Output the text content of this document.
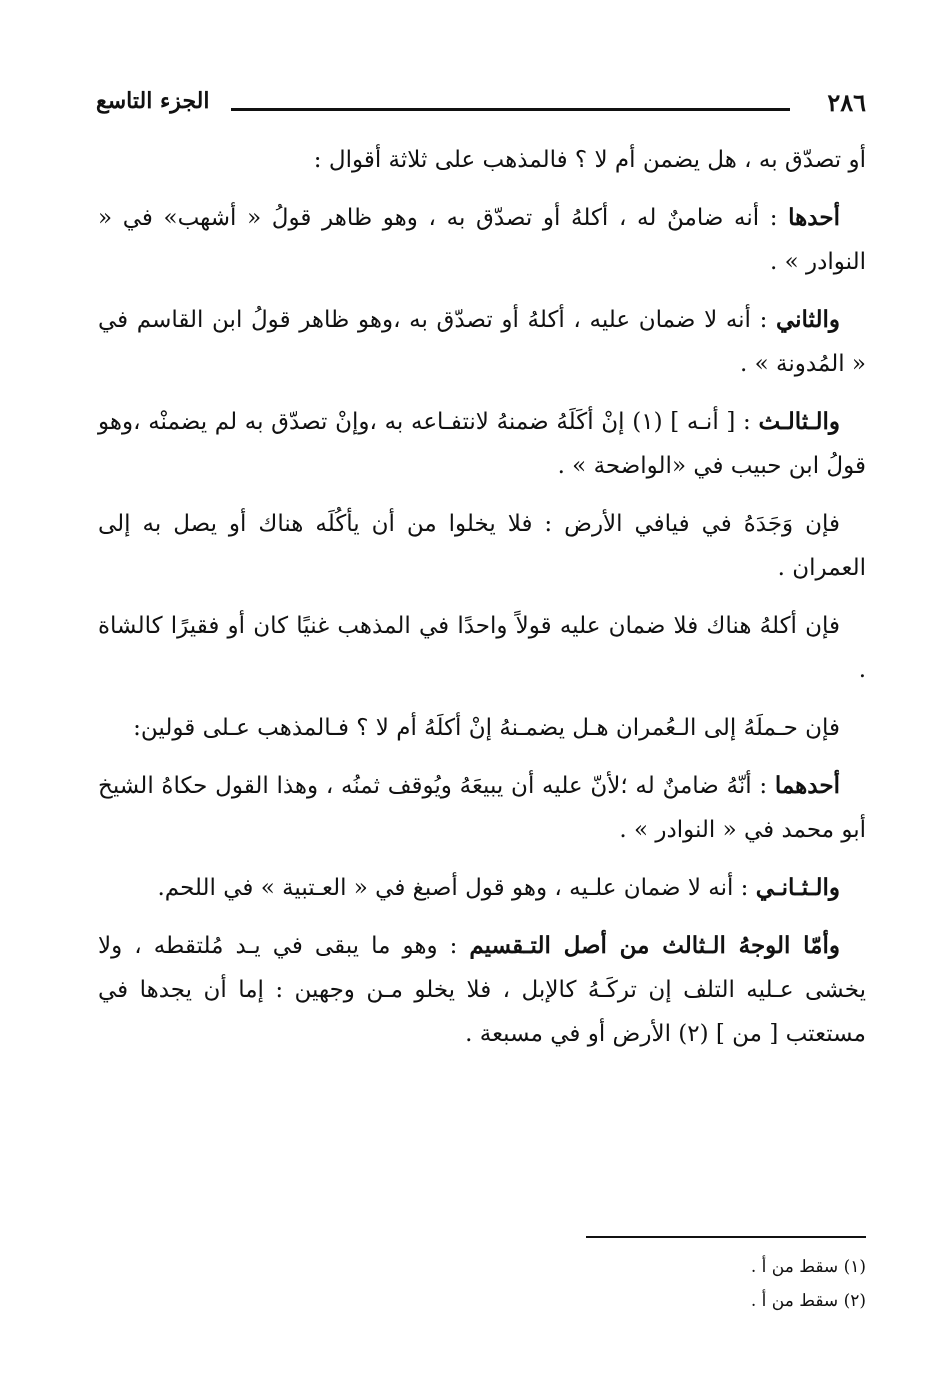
٢٨٦
الجزء التاسع

أو تصدّق به ، هل يضمن أم لا ؟ فالمذهب على ثلاثة أقوال :

أحدها : أنه ضامنٌ له ، أكلهُ أو تصدّق به ، وهو ظاهر قولُ « أشهب» في « النوادر » .

والثاني : أنه لا ضمان عليه ، أكلهُ أو تصدّق به ،وهو ظاهر قولُ ابن القاسم في « المُدونة » .

والـثالـث : [ أنـه ] (١) إنْ أكَلَهُ ضمنهُ لانتفـاعه به ،وإنْ تصدّق به لم يضمنْه ،وهو قولُ ابن حبيب في «الواضحة » .

فإن وَجَدَهُ في فيافي الأرض : فلا يخلوا من أن يأكُلَه هناك أو يصل به إلى العمران .

فإن أكلهُ هناك فلا ضمان عليه قولاً واحدًا في المذهب غنيًا كان أو فقيرًا كالشاة .

فإن حـملَهُ إلى الـعُمران هـل يضمـنهُ إنْ أكلَهُ أم لا ؟ فـالمذهب عـلى قولين:

أحدهما : أنّهُ ضامنٌ له ؛لأنّ عليه أن يبيعَهُ ويُوقف ثمنُه ، وهذا القول حكاهُ الشيخ أبو محمد في « النوادر » .

والـثـانـي : أنه لا ضمان علـيه ، وهو قول أصبغ في « العـتبية » في اللحم.

وأمّا الوجهُ الـثالث من أصل التـقسيم : وهو ما يبقى في يـد مُلتقطه ، ولا يخشى عـليه التلف إن تركَـهُ كالإبل ، فلا يخلو مـن وجهين : إما أن يجدها في مستعتب [ من ] (٢) الأرض أو في مسبعة .

(١) سقط من أ .

(٢) سقط من أ .
